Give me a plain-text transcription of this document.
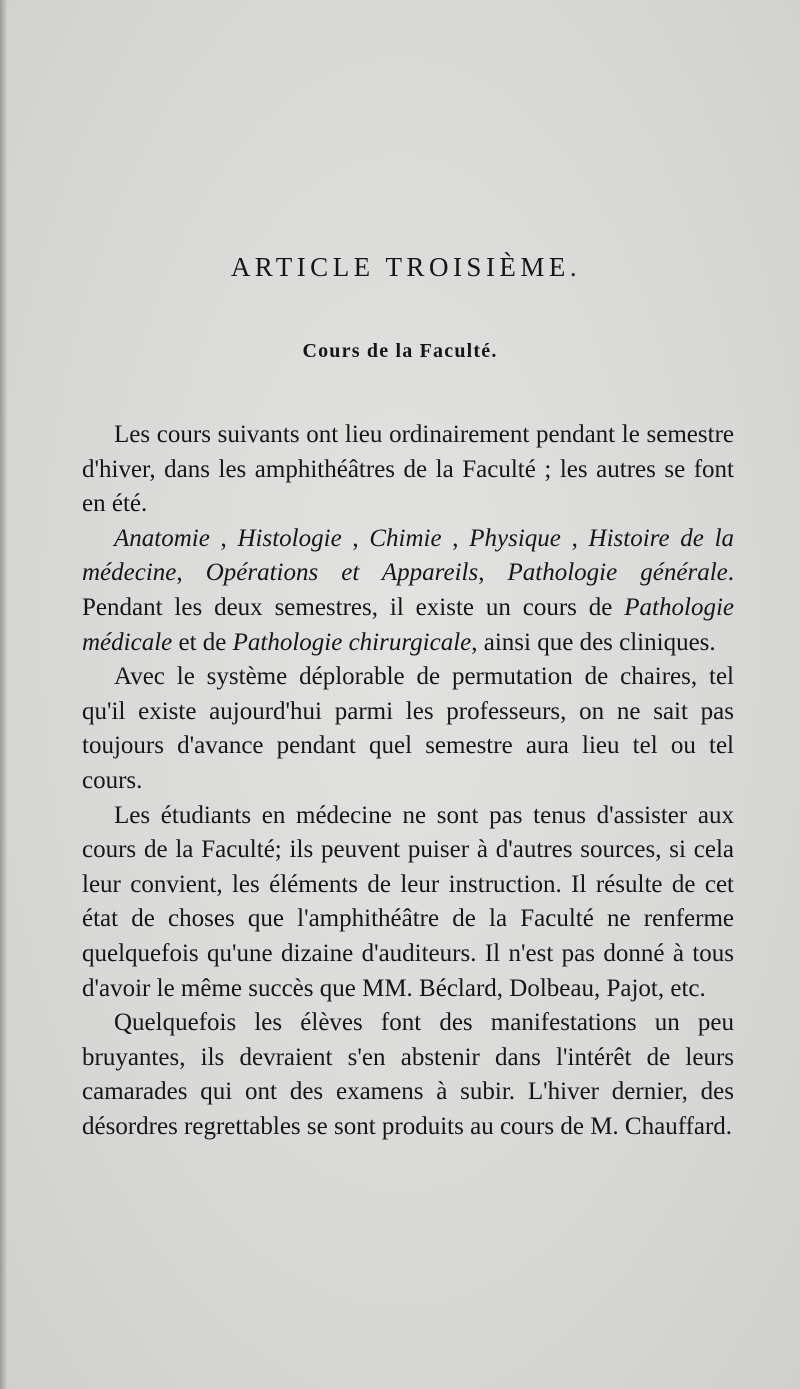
ARTICLE TROISIÈME.
Cours de la Faculté.

Les cours suivants ont lieu ordinairement pendant le semestre d'hiver, dans les amphithéâtres de la Faculté ; les autres se font en été.

Anatomie , Histologie , Chimie , Physique , Histoire de la médecine, Opérations et Appareils, Pathologie générale. Pendant les deux semestres, il existe un cours de Pathologie médicale et de Pathologie chirurgicale, ainsi que des cliniques.

Avec le système déplorable de permutation de chaires, tel qu'il existe aujourd'hui parmi les professeurs, on ne sait pas toujours d'avance pendant quel semestre aura lieu tel ou tel cours.

Les étudiants en médecine ne sont pas tenus d'assister aux cours de la Faculté; ils peuvent puiser à d'autres sources, si cela leur convient, les éléments de leur instruction. Il résulte de cet état de choses que l'amphithéâtre de la Faculté ne renferme quelquefois qu'une dizaine d'auditeurs. Il n'est pas donné à tous d'avoir le même succès que MM. Béclard, Dolbeau, Pajot, etc.

Quelquefois les élèves font des manifestations un peu bruyantes, ils devraient s'en abstenir dans l'intérêt de leurs camarades qui ont des examens à subir. L'hiver dernier, des désordres regrettables se sont produits au cours de M. Chauffard.
